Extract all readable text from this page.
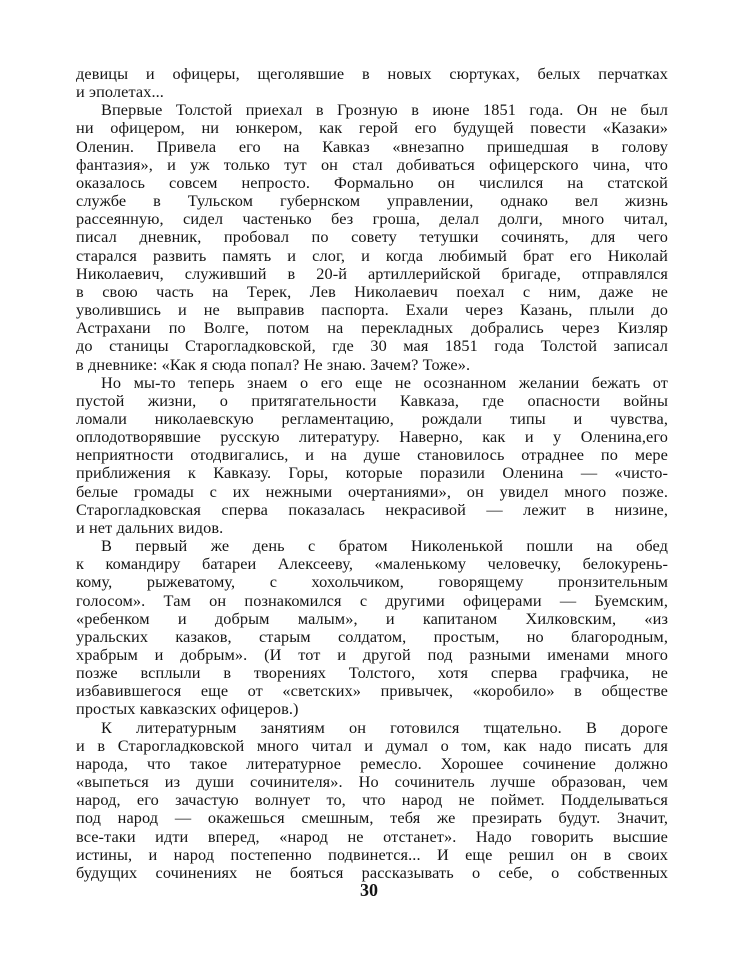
девицы и офицеры, щеголявшие в новых сюртуках, белых перчатках

и эполетах...

Впервые Толстой приехал в Грозную в июне 1851 года. Он не был

ни офицером, ни юнкером, как герой его будущей повести «Казаки»

Оленин. Привела его на Кавказ «внезапно пришедшая в голову

фантазия», и уж только тут он стал добиваться офицерского чина, что

оказалось совсем непросто. Формально он числился на статской

службе в Тульском губернском управлении, однако вел жизнь

рассеянную, сидел частенько без гроша, делал долги, много читал,

писал дневник, пробовал по совету тетушки сочинять, для чего

старался развить память и слог, и когда любимый брат его Николай

Николаевич, служивший в 20-й артиллерийской бригаде, отправлялся

в свою часть на Терек, Лев Николаевич поехал с ним, даже не

уволившись и не выправив паспорта. Ехали через Казань, плыли до

Астрахани по Волге, потом на перекладных добрались через Кизляр

до станицы Старогладковской, где 30 мая 1851 года Толстой записал

в дневнике: «Как я сюда попал? Не знаю. Зачем? Тоже».

Но мы-то теперь знаем о его еще не осознанном желании бежать от

пустой жизни, о притягательности Кавказа, где опасности войны

ломали николаевскую регламентацию, рождали типы и чувства,

оплодотворявшие русскую литературу. Наверно, как и у Оленина,его

неприятности отодвигались, и на душе становилось отраднее по мере

приближения к Кавказу. Горы, которые поразили Оленина — «чисто-

белые громады с их нежными очертаниями», он увидел много позже.

Старогладковская сперва показалась некрасивой — лежит в низине,

и нет дальних видов.

В первый же день с братом Николенькой пошли на обед

к командиру батареи Алексееву, «маленькому человечку, белокурень-

кому, рыжеватому, с хохольчиком, говорящему пронзительным

голосом». Там он познакомился с другими офицерами — Буемским,

«ребенком и добрым малым», и капитаном Хилковским, «из

уральских казаков, старым солдатом, простым, но благородным,

храбрым и добрым». (И тот и другой под разными именами много

позже всплыли в творениях Толстого, хотя сперва графчика, не

избавившегося еще от «светских» привычек, «коробило» в обществе

простых кавказских офицеров.)

К литературным занятиям он готовился тщательно. В дороге

и в Старогладковской много читал и думал о том, как надо писать для

народа, что такое литературное ремесло. Хорошее сочинение должно

«выпеться из души сочинителя». Но сочинитель лучше образован, чем

народ, его зачастую волнует то, что народ не поймет. Подделываться

под народ — окажешься смешным, тебя же презирать будут. Значит,

все-таки идти вперед, «народ не отстанет». Надо говорить высшие

истины, и народ постепенно подвинется... И еще решил он в своих

будущих сочинениях не бояться рассказывать о себе, о собственных

30
